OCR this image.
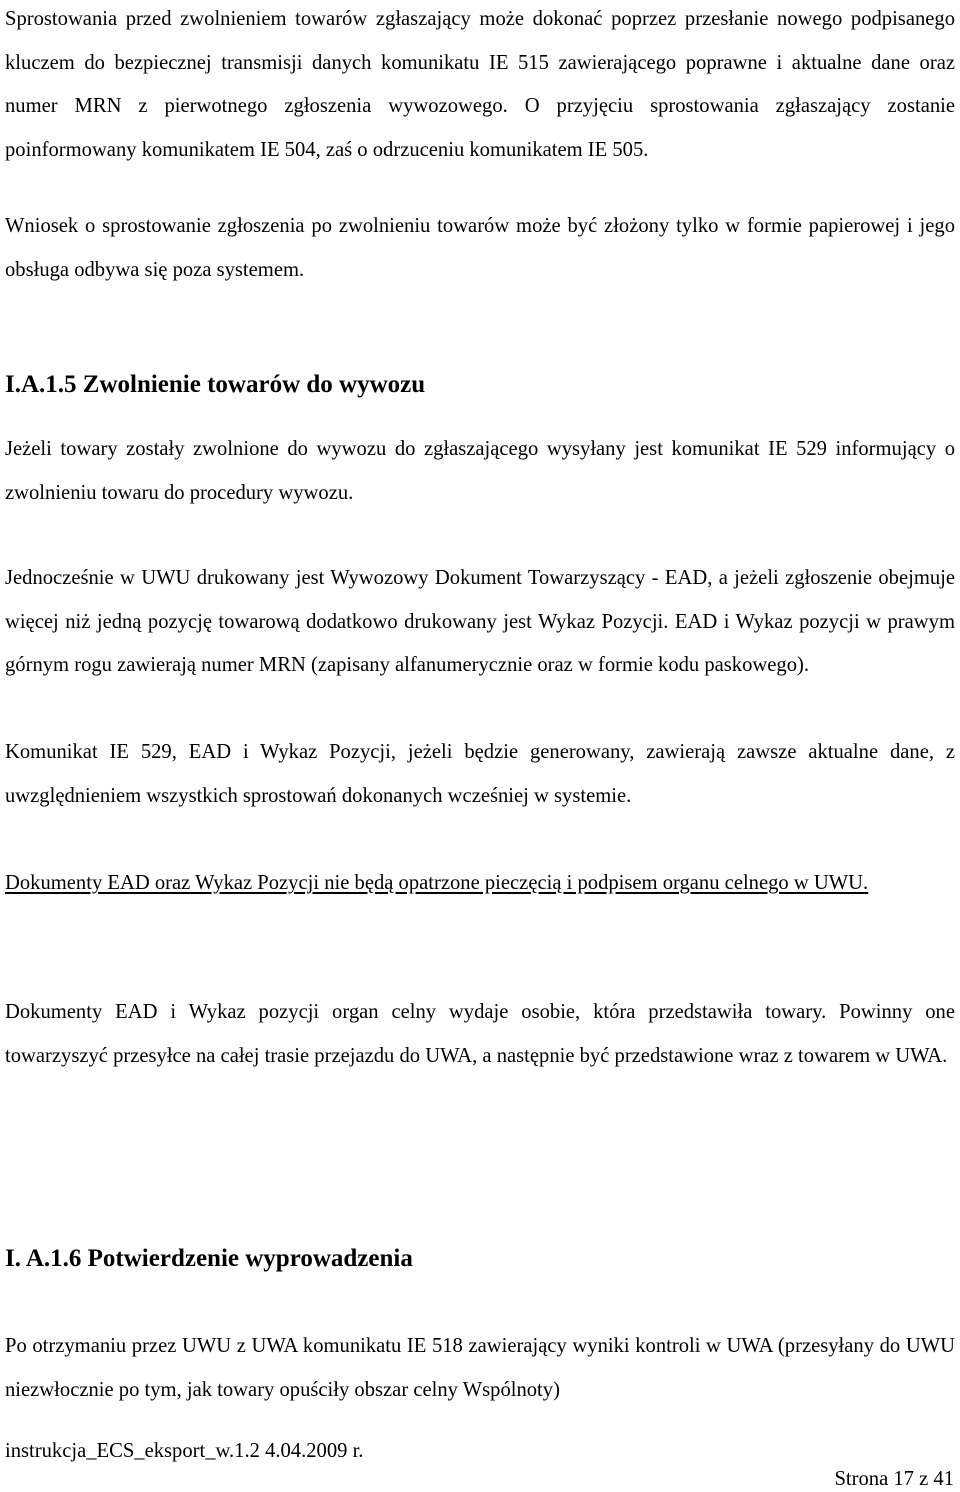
Sprostowania przed zwolnieniem towarów zgłaszający może dokonać poprzez przesłanie nowego podpisanego kluczem do bezpiecznej transmisji danych komunikatu IE 515 zawierającego poprawne i aktualne dane oraz numer MRN z pierwotnego zgłoszenia wywozowego. O przyjęciu sprostowania zgłaszający zostanie poinformowany komunikatem IE 504, zaś o odrzuceniu komunikatem IE 505.

Wniosek o sprostowanie zgłoszenia po zwolnieniu towarów może być złożony tylko w formie papierowej i jego obsługa odbywa się poza systemem.

I.A.1.5 Zwolnienie towarów do wywozu

Jeżeli towary zostały zwolnione do wywozu do zgłaszającego wysyłany jest komunikat IE 529 informujący o zwolnieniu towaru do procedury wywozu.

Jednocześnie w UWU drukowany jest Wywozowy Dokument Towarzyszący - EAD, a jeżeli zgłoszenie obejmuje więcej niż jedną pozycję towarową dodatkowo drukowany jest Wykaz Pozycji. EAD i Wykaz pozycji w prawym górnym rogu zawierają numer MRN (zapisany alfanumerycznie oraz w formie kodu paskowego).

Komunikat IE 529, EAD i Wykaz Pozycji, jeżeli będzie generowany, zawierają zawsze aktualne dane, z uwzględnieniem wszystkich sprostowań dokonanych wcześniej w systemie.

Dokumenty EAD oraz Wykaz Pozycji nie będą opatrzone pieczęcią i podpisem organu celnego w UWU.

Dokumenty EAD i Wykaz pozycji organ celny wydaje osobie, która przedstawiła towary. Powinny one towarzyszyć przesyłce na całej trasie przejazdu do UWA, a następnie być przedstawione wraz z towarem w UWA.

I. A.1.6 Potwierdzenie wyprowadzenia

Po otrzymaniu przez UWU z UWA komunikatu IE 518 zawierający wyniki kontroli w UWA (przesyłany do UWU niezwłocznie po tym, jak towary opuściły obszar celny Wspólnoty)

instrukcja_ECS_eksport_w.1.2 4.04.2009 r.

Strona 17 z 41
